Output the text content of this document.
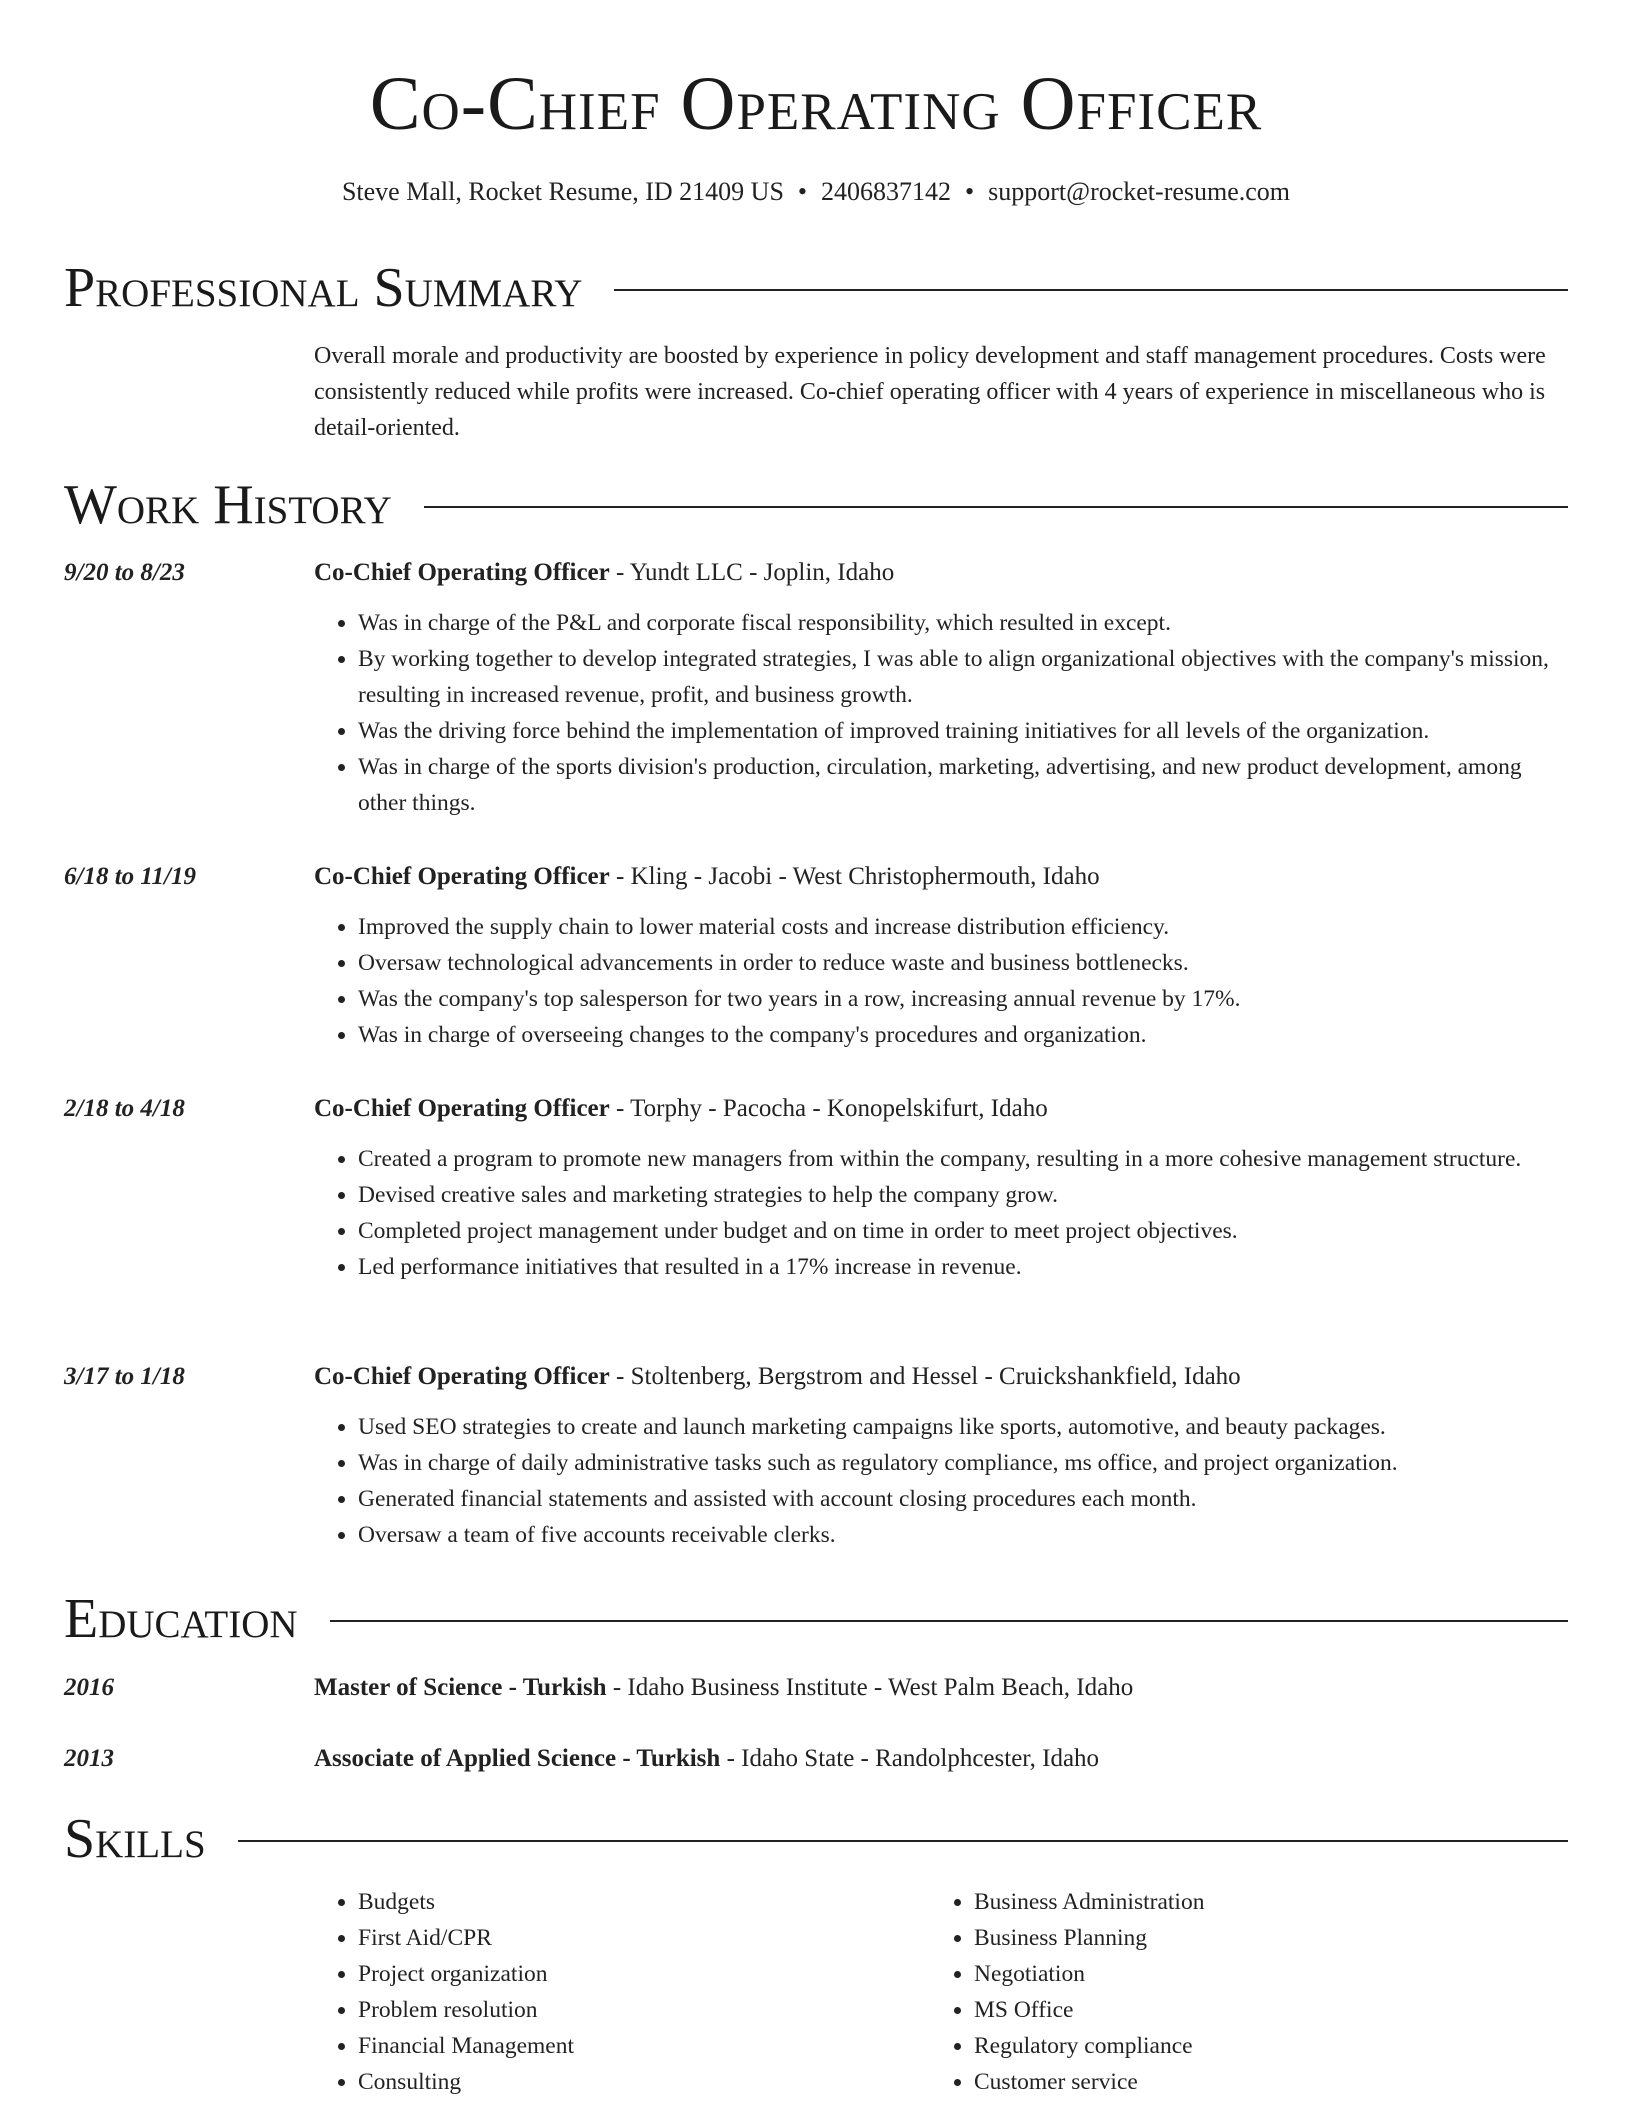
Co-Chief Operating Officer
Steve Mall, Rocket Resume, ID 21409 US • 2406837142 • support@rocket-resume.com
Professional Summary
Overall morale and productivity are boosted by experience in policy development and staff management procedures. Costs were consistently reduced while profits were increased. Co-chief operating officer with 4 years of experience in miscellaneous who is detail-oriented.
Work History
9/20 to 8/23	Co-Chief Operating Officer - Yundt LLC - Joplin, Idaho
• Was in charge of the P&L and corporate fiscal responsibility, which resulted in except.
• By working together to develop integrated strategies, I was able to align organizational objectives with the company's mission, resulting in increased revenue, profit, and business growth.
• Was the driving force behind the implementation of improved training initiatives for all levels of the organization.
• Was in charge of the sports division's production, circulation, marketing, advertising, and new product development, among other things.
6/18 to 11/19	Co-Chief Operating Officer - Kling - Jacobi - West Christophermouth, Idaho
• Improved the supply chain to lower material costs and increase distribution efficiency.
• Oversaw technological advancements in order to reduce waste and business bottlenecks.
• Was the company's top salesperson for two years in a row, increasing annual revenue by 17%.
• Was in charge of overseeing changes to the company's procedures and organization.
2/18 to 4/18	Co-Chief Operating Officer - Torphy - Pacocha - Konopelskifurt, Idaho
• Created a program to promote new managers from within the company, resulting in a more cohesive management structure.
• Devised creative sales and marketing strategies to help the company grow.
• Completed project management under budget and on time in order to meet project objectives.
• Led performance initiatives that resulted in a 17% increase in revenue.
3/17 to 1/18	Co-Chief Operating Officer - Stoltenberg, Bergstrom and Hessel - Cruickshankfield, Idaho
• Used SEO strategies to create and launch marketing campaigns like sports, automotive, and beauty packages.
• Was in charge of daily administrative tasks such as regulatory compliance, ms office, and project organization.
• Generated financial statements and assisted with account closing procedures each month.
• Oversaw a team of five accounts receivable clerks.
Education
2016	Master of Science - Turkish - Idaho Business Institute - West Palm Beach, Idaho
2013	Associate of Applied Science - Turkish - Idaho State - Randolphcester, Idaho
Skills
• Budgets
• First Aid/CPR
• Project organization
• Problem resolution
• Financial Management
• Consulting
• Business Administration
• Business Planning
• Negotiation
• MS Office
• Regulatory compliance
• Customer service
